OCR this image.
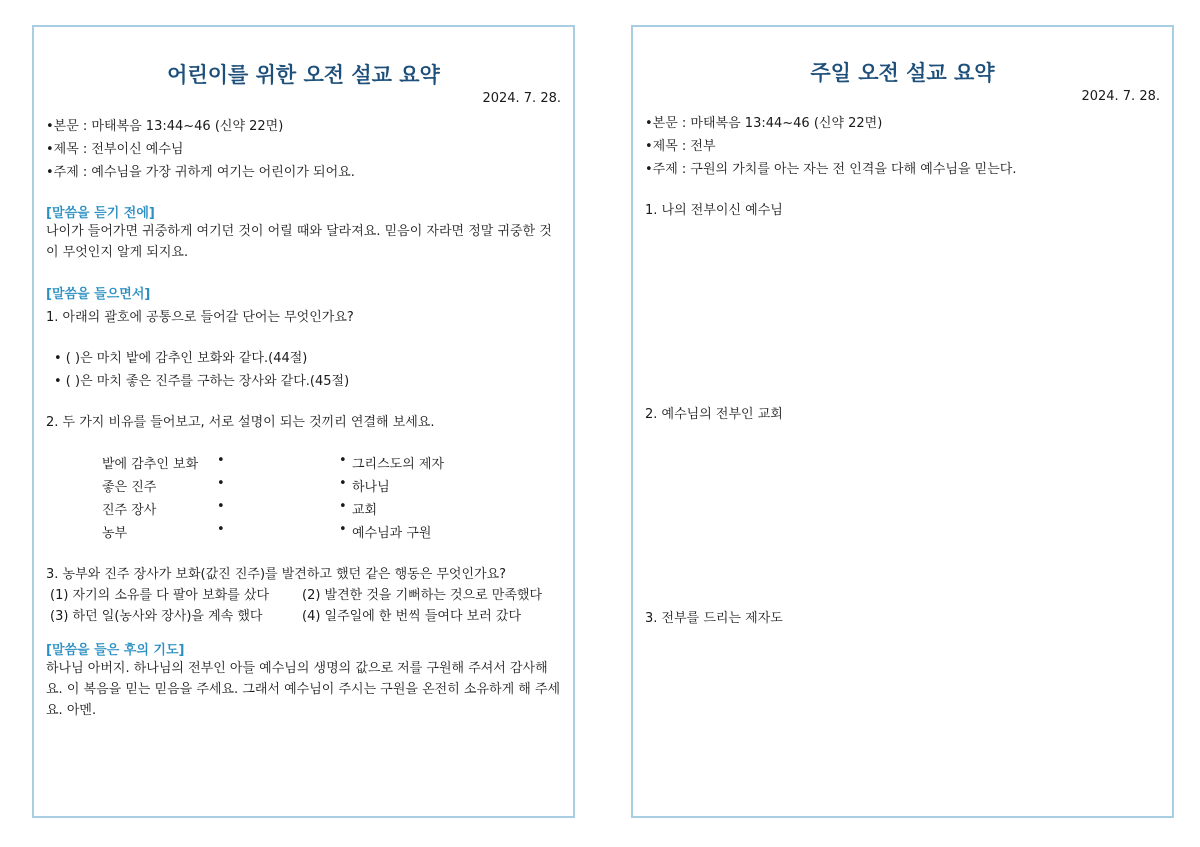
어린이를 위한 오전 설교 요약

2024. 7. 28.

•본문 : 마태복음 13:44~46 (신약 22면)

•제목 : 전부이신 예수님

•주제 : 예수님을 가장 귀하게 여기는 어린이가 되어요.

[말씀을 듣기 전에]

나이가 들어가면 귀중하게 여기던 것이 어릴 때와 달라져요. 믿음이 자라면 정말 귀중한 것이 무엇인지 알게 되지요.

[말씀을 들으면서]

1. 아래의 괄호에 공통으로 들어갈 단어는 무엇인가요?

• ( )은 마치 밭에 감추인 보화와 같다.(44절)

• ( )은 마치 좋은 진주를 구하는 장사와 같다.(45절)

2. 두 가지 비유를 들어보고, 서로 설명이 되는 것끼리 연결해 보세요.

밭에 감추인 보화

좋은 진주

진주 장사

농부

•
•
•
•
•
•
•
•

그리스도의 제자

하나님

교회

예수님과 구원

3. 농부와 진주 장사가 보화(값진 진주)를 발견하고 했던 같은 행동은 무엇인가요?

(1) 자기의 소유를 다 팔아 보화를 샀다	(2) 발견한 것을 기뻐하는 것으로 만족했다

(3) 하던 일(농사와 장사)을 계속 했다	(4) 일주일에 한 번씩 들여다 보러 갔다

[말씀을 들은 후의 기도]

하나님 아버지. 하나님의 전부인 아들 예수님의 생명의 값으로 저를 구원해 주셔서 감사해요. 이 복음을 믿는 믿음을 주세요. 그래서 예수님이 주시는 구원을 온전히 소유하게 해 주세요. 아멘.

주일 오전 설교 요약

2024. 7. 28.

•본문 : 마태복음 13:44~46 (신약 22면)

•제목 : 전부

•주제 : 구원의 가치를 아는 자는 전 인격을 다해 예수님을 믿는다.

1. 나의 전부이신 예수님

2. 예수님의 전부인 교회

3. 전부를 드리는 제자도
